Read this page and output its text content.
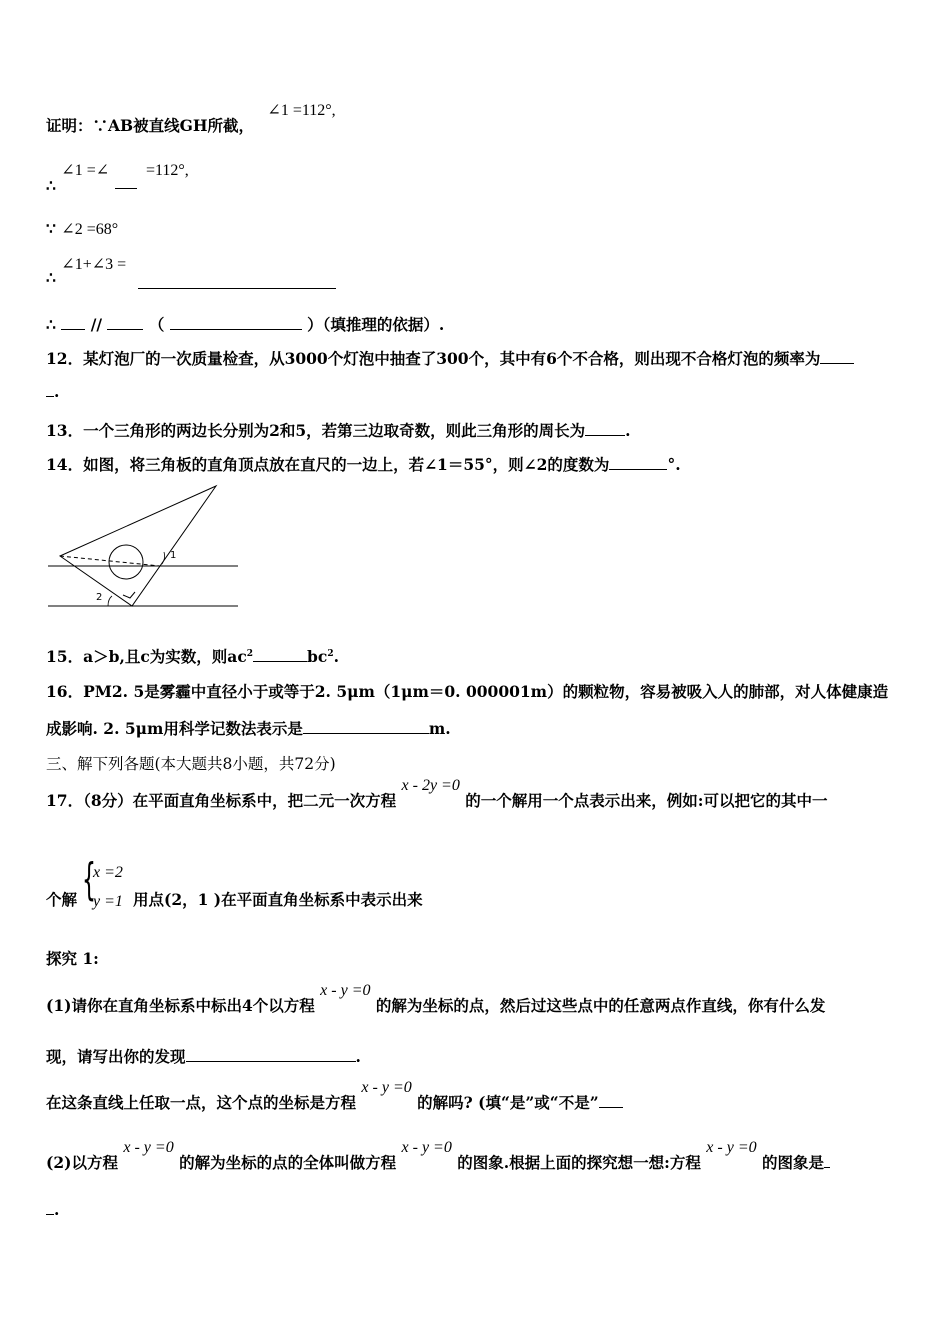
证明：∵AB被直线GH所截， ∠1 =112°,
∴ ∠1 =∠ =112°,
∵ ∠2 =68°
∴ ∠1+∠3 =
∴ //	（	）（填推理的依据）.
12．某灯泡厂的一次质量检查，从3000个灯泡中抽查了300个，其中有6个不合格，则出现不合格灯泡的频率为
.
13．一个三角形的两边长分别为2和5，若第三边取奇数，则此三角形的周长为	.
14．如图，将三角板的直角顶点放在直尺的一边上，若∠1＝55°，则∠2的度数为	°.
1
2
15．a＞b,且c为实数，则$ac^2$	$bc^2$.
16．PM2. 5是雾霾中直径小于或等于2. 5μm（1μm＝0. 000001m）的颗粒物，容易被吸入人的肺部，对人体健康造
成影响. 2. 5μm用科学记数法表示是	m.
三、解下列各题(本大题共8小题，共72分)
17．（8分）在平面直角坐标系中，把二元一次方程 x - 2y =0 的一个解用一个点表示出来，例如:可以把它的其中一
个解 {
x =2
y =1 用点(2，1 )在平面直角坐标系中表示出来
探究 1:
(1)请你在直角坐标系中标出4个以方程 x - y =0 的解为坐标的点，然后过这些点中的任意两点作直线，你有什么发
现，请写出你的发现	.
在这条直线上任取一点，这个点的坐标是方程 x - y =0 的解吗? (填“是”或“不是”
(2)以方程 x - y =0 的解为坐标的点的全体叫做方程 x - y =0 的图象.根据上面的探究想一想:方程 x - y =0 的图象是
.
